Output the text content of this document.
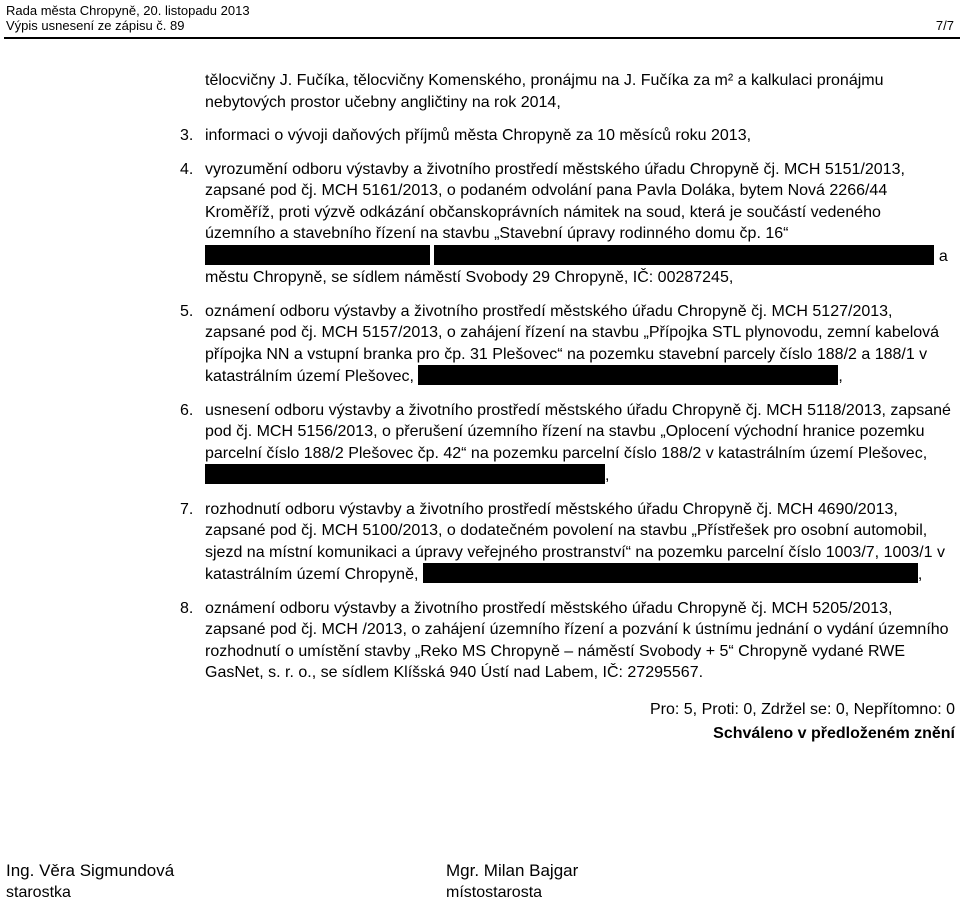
Rada města Chropyně, 20. listopadu 2013
Výpis usnesení ze zápisu č. 89	7/7

tělocvičny J. Fučíka, tělocvičny Komenského, pronájmu na J. Fučíka za m² a kalkulaci pronájmu nebytových prostor učebny angličtiny na rok 2014,

3. informaci o vývoji daňových příjmů města Chropyně za 10 měsíců roku 2013,

4. vyrozumění odboru výstavby a životního prostředí městského úřadu Chropyně čj. MCH 5151/2013, zapsané pod čj. MCH 5161/2013, o podaném odvolání pana Pavla Doláka, bytem Nová 2266/44 Kroměříž, proti výzvě odkázání občanskoprávních námitek na soud, která je součástí vedeného územního a stavebního řízení na stavbu „Stavební úpravy rodinného domu čp. 16“   a městu Chropyně, se sídlem náměstí Svobody 29 Chropyně, IČ: 00287245,

5. oznámení odboru výstavby a životního prostředí městského úřadu Chropyně čj. MCH 5127/2013, zapsané pod čj. MCH 5157/2013, o zahájení řízení na stavbu „Přípojka STL plynovodu, zemní kabelová přípojka NN a vstupní branka pro čp. 31 Plešovec“ na pozemku stavební parcely číslo 188/2 a 188/1 v katastrálním území Plešovec,	,

6. usnesení odboru výstavby a životního prostředí městského úřadu Chropyně čj. MCH 5118/2013, zapsané pod čj. MCH 5156/2013, o přerušení územního řízení na stavbu „Oplocení východní hranice pozemku parcelní číslo 188/2 Plešovec čp. 42“ na pozemku parcelní číslo 188/2 v katastrálním území Plešovec, ,

7. rozhodnutí odboru výstavby a životního prostředí městského úřadu Chropyně čj. MCH 4690/2013, zapsané pod čj. MCH 5100/2013, o dodatečném povolení na stavbu „Přístřešek pro osobní automobil, sjezd na místní komunikaci a úpravy veřejného prostranství“ na pozemku parcelní číslo 1003/7, 1003/1 v katastrálním území Chropyně,	,

8. oznámení odboru výstavby a životního prostředí městského úřadu Chropyně čj. MCH 5205/2013, zapsané pod čj. MCH /2013, o zahájení územního řízení a pozvání k ústnímu jednání o vydání územního rozhodnutí o umístění stavby „Reko MS Chropyně – náměstí Svobody + 5“ Chropyně vydané RWE GasNet, s. r. o., se sídlem Klíšská 940 Ústí nad Labem, IČ: 27295567.

Pro: 5, Proti: 0, Zdržel se: 0, Nepřítomno: 0
Schváleno v předloženém znění
Ing. Věra Sigmundová
starostka
Mgr. Milan Bajgar
místostarosta
